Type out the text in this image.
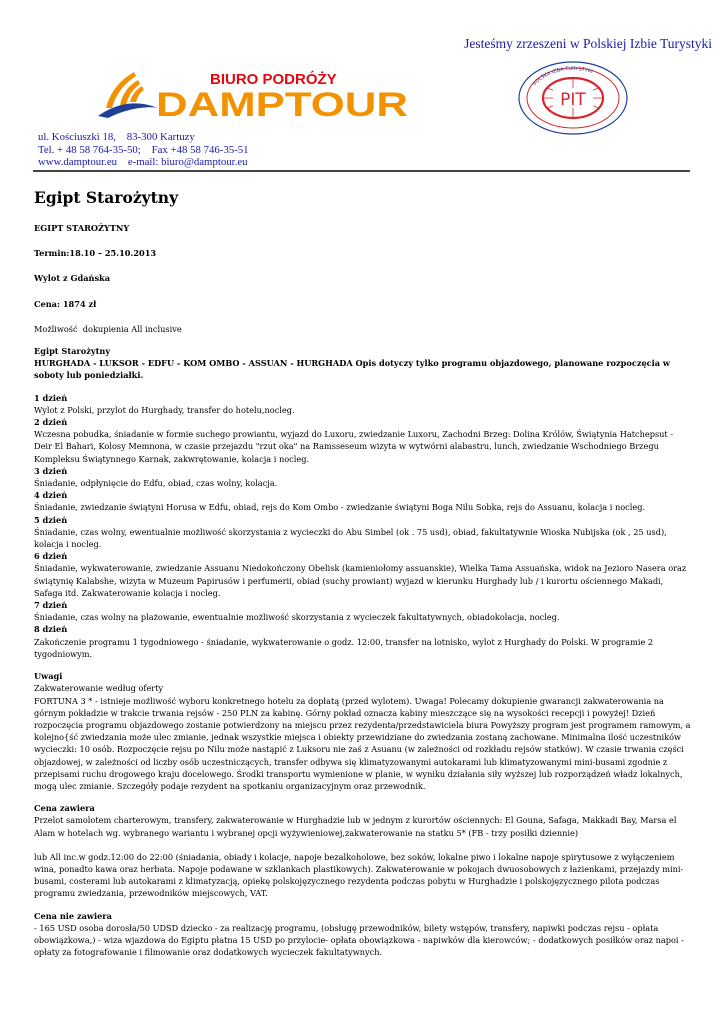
Jesteśmy zrzeszeni w Polskiej Izbie Turystyki
BIURO PODRÓŻY
DAMPTOUR
POLSKA IZBA TURYSTYKI
PIT
ul. Kościuszki 18,    83-300 Kartuzy
Tel. + 48 58 764-35-50;    Fax +48 58 746-35-51
www.damptour.eu    e-mail: biuro@damptour.eu
Egipt Starożytny

EGIPT STAROŻYTNY

Termin:18.10 – 25.10.2013

Wylot z Gdańska

Cena: 1874 zł

Możliwość  dokupienia All inclusive

Egipt Starożytny

HURGHADA - LUKSOR - EDFU - KOM OMBO - ASSUAN - HURGHADA Opis dotyczy tylko programu objazdowego, planowane rozpoczęcia w soboty lub poniedziałki.

1 dzień

Wylot z Polski, przylot do Hurghady, transfer do hotelu,nocleg.

2 dzień

Wczesna pobudka, śniadanie w formie suchego prowiantu, wyjazd do Luxoru, zwiedzanie Luxoru, Zachodni Brzeg: Dolina Królów, Świątynia Hatchepsut - Deir El Bahari, Kolosy Memnona, w czasie przejazdu "rzut oka" na Ramsseseum wizyta w wytwórni alabastru, lunch, zwiedzanie Wschodniego Brzegu Kompleksu Świątynnego Karnak, zakwrętowanie, kolacja i nocleg.

3 dzień

Śniadanie, odpłynięcie do Edfu, obiad, czas wolny, kolacja.

4 dzień

Śniadanie, zwiedzanie świątyni Horusa w Edfu, obiad, rejs do Kom Ombo - zwiedzanie świątyni Boga Nilu Sobka, rejs do Assuanu, kolacja i nocleg.

5 dzień

Śniadanie, czas wolny, ewentualnie możliwość skorzystania z wycieczki do Abu Simbel (ok . 75 usd), obiad, fakultatywnie Wioska Nubijska (ok , 25 usd), kolacja i nocleg.

6 dzień

Śniadanie, wykwaterowanie, zwiedzanie Assuanu Niedokończony Obelisk (kamieniołomy assuanskie), Wielka Tama Assuańska, widok na Jezioro Nasera oraz świątynię Kalabshe, wizyta w Muzeum Papirusów i perfumerii, obiad (suchy prowiant) wyjazd w kierunku Hurghady lub / i kurortu ościennego Makadi, Safaga itd. Zakwaterowanie kolacja i nocleg.

7 dzień

Śniadanie, czas wolny na plażowanie, ewentualnie możliwość skorzystania z wycieczek fakultatywnych, obiadokolacja, nocleg.

8 dzień

Zakończenie programu 1 tygodniowego - śniadanie, wykwaterowanie o godz. 12:00, transfer na lotnisko, wylot z Hurghady do Polski. W programie 2 tygodniowym.

Uwagi

Zakwaterowanie według oferty

FORTUNA 3 * - istnieje możliwość wyboru konkretnego hotelu za dopłatą (przed wylotem). Uwaga! Polecamy dokupienie gwarancji zakwaterowania na górnym pokładzie w trakcie trwania rejsów - 250 PLN za kabinę. Górny pokład oznacza kabiny mieszczące się na wysokości recepcji i powyżej! Dzień rozpoczęcia programu objazdowego zostanie potwierdzony na miejscu przez rezydenta/przedstawiciela biura Powyższy program jest programem ramowym, a kolejno{ść zwiedzania może ulec zmianie, jednak wszystkie miejsca i obiekty przewidziane do zwiedzania zostaną zachowane. Minimalna ilość uczestników wycieczki: 10 osób. Rozpoczęcie rejsu po Nilu może nastąpić z Luksoru nie zaś z Asuanu (w zależności od rozkładu rejsów statków). W czasie trwania części objazdowej, w zależności od liczby osób uczestniczących, transfer odbywa się klimatyzowanymi autokarami lub klimatyzowanymi mini-busami zgodnie z przepisami ruchu drogowego kraju docelowego. Środki transportu wymienione w planie, w wyniku działania siły wyższej lub rozporządzeń władz lokalnych, mogą ulec zmianie. Szczegóły podaje rezydent na spotkaniu organizacyjnym oraz przewodnik.

Cena zawiera

Przelot samolotem charterowym, transfery, zakwaterowanie w Hurghadzie lub w jednym z kurortów ościennych: El Gouna, Safaga, Makkadi Bay, Marsa el Alam w hotelach wg. wybranego wariantu i wybranej opcji wyżywieniowej,zakwaterowanie na statku 5* (FB - trzy posiłki dziennie)

lub All inc.w godz.12:00 do 22:00 (śniadania, obiady i kolacje, napoje bezalkoholowe, bez soków, lokalne piwo i lokalne napoje spirytusowe z wyłączeniem wina, ponadto kawa oraz herbata. Napoje podawane w szklankach plastikowych). Zakwaterowanie w pokojach dwuosobowych z łazienkami, przejazdy mini-busami, costerami lub autokarami z klimatyzacją, opiekę polskojęzycznego rezydenta podczas pobytu w Hurghadzie i polskojęzycznego pilota podczas programu zwiedzania, przewodników miejscowych, VAT.

Cena nie zawiera

- 165 USD osoba dorosła/50 UDSD dziecko - za realizację programu, (obsługę przewodników, bilety wstępów, transfery, napiwki podczas rejsu - opłata obowiązkowa,) - wiza wjazdowa do Egiptu płatna 15 USD po przylocie- opłata obowiązkowa - napiwków dla kierowców; - dodatkowych posiłków oraz napoi - opłaty za fotografowanie i filmowanie oraz dodatkowych wycieczek fakultatywnych.
